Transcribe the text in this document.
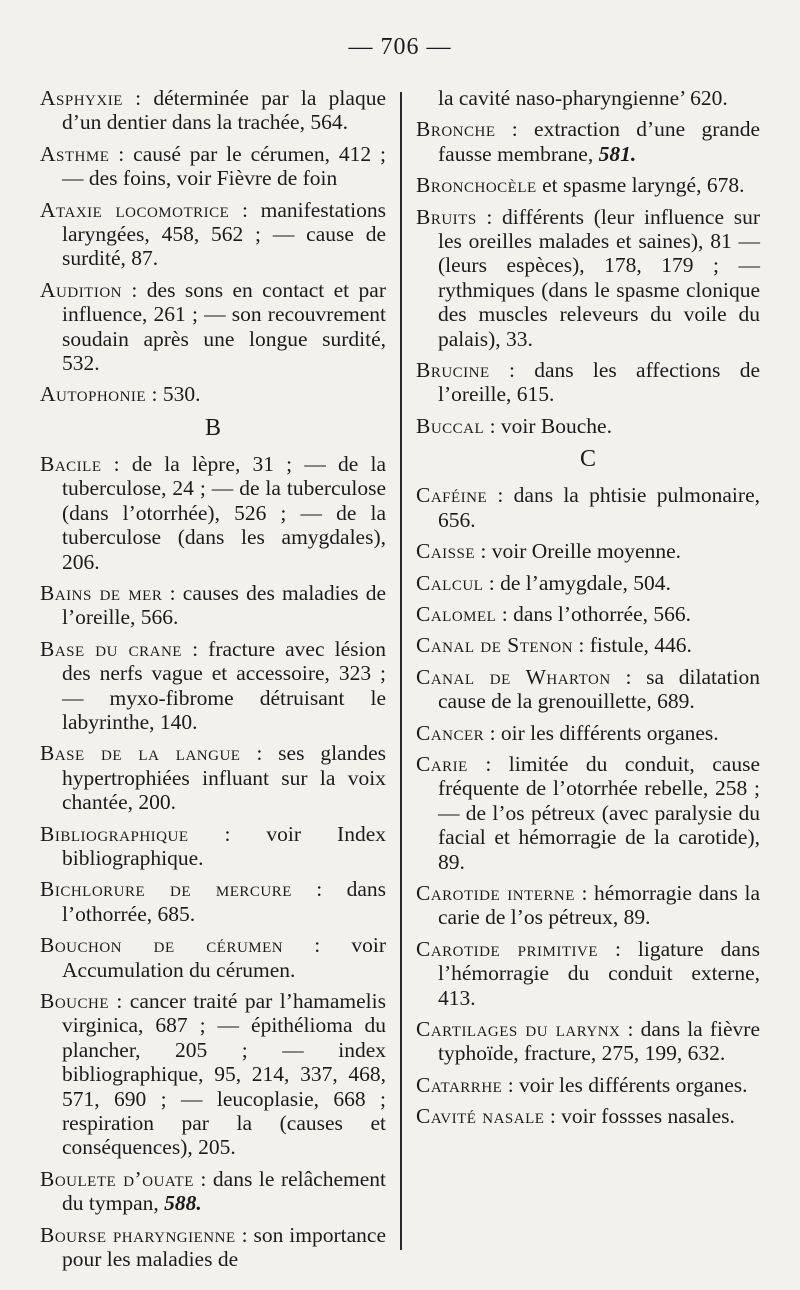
— 706 —
Asphyxie : déterminée par la plaque d’un dentier dans la trachée, 564.
Asthme : causé par le cérumen, 412 ; — des foins, voir Fièvre de foin
Ataxie locomotrice : manifestations laryngées, 458, 562 ; — cause de surdité, 87.
Audition : des sons en contact et par influence, 261 ; — son recouvrement soudain après une longue surdité, 532.
Autophonie : 530.
B
Bacile : de la lèpre, 31 ; — de la tuberculose, 24 ; — de la tuberculose (dans l’otorrhée), 526 ; — de la tuberculose (dans les amygdales), 206.
Bains de mer : causes des maladies de l’oreille, 566.
Base du crane : fracture avec lésion des nerfs vague et accessoire, 323 ; — myxo-fibrome détruisant le labyrinthe, 140.
Base de la langue : ses glandes hypertrophiées influant sur la voix chantée, 200.
Bibliographique : voir Index bibliographique.
Bichlorure de mercure : dans l’othorrée, 685.
Bouchon de cérumen : voir Accumulation du cérumen.
Bouche : cancer traité par l’hamamelis virginica, 687 ; — épithélioma du plancher, 205 ; — index bibliographique, 95, 214, 337, 468, 571, 690 ; — leucoplasie, 668 ; respiration par la (causes et conséquences), 205.
Boulete d’ouate : dans le relâchement du tympan, 588.
Bourse pharyngienne : son importance pour les maladies de
la cavité naso-pharyngienne’ 620.
Bronche : extraction d’une grande fausse membrane, 581.
Bronchocèle et spasme laryngé, 678.
Bruits : différents (leur influence sur les oreilles malades et saines), 81 — (leurs espèces), 178, 179 ; — rythmiques (dans le spasme clonique des muscles releveurs du voile du palais), 33.
Brucine : dans les affections de l’oreille, 615.
Buccal : voir Bouche.
C
Caféine : dans la phtisie pulmonaire, 656.
Caisse : voir Oreille moyenne.
Calcul : de l’amygdale, 504.
Calomel : dans l’othorrée, 566.
Canal de Stenon : fistule, 446.
Canal de Wharton : sa dilatation cause de la grenouillette, 689.
Cancer : oir les différents organes.
Carie : limitée du conduit, cause fréquente de l’otorrhée rebelle, 258 ; — de l’os pétreux (avec paralysie du facial et hémorragie de la carotide), 89.
Carotide interne : hémorragie dans la carie de l’os pétreux, 89.
Carotide primitive : ligature dans l’hémorragie du conduit externe, 413.
Cartilages du larynx : dans la fièvre typhoïde, fracture, 275, 199, 632.
Catarrhe : voir les différents organes.
Cavité nasale : voir fossses nasales.
